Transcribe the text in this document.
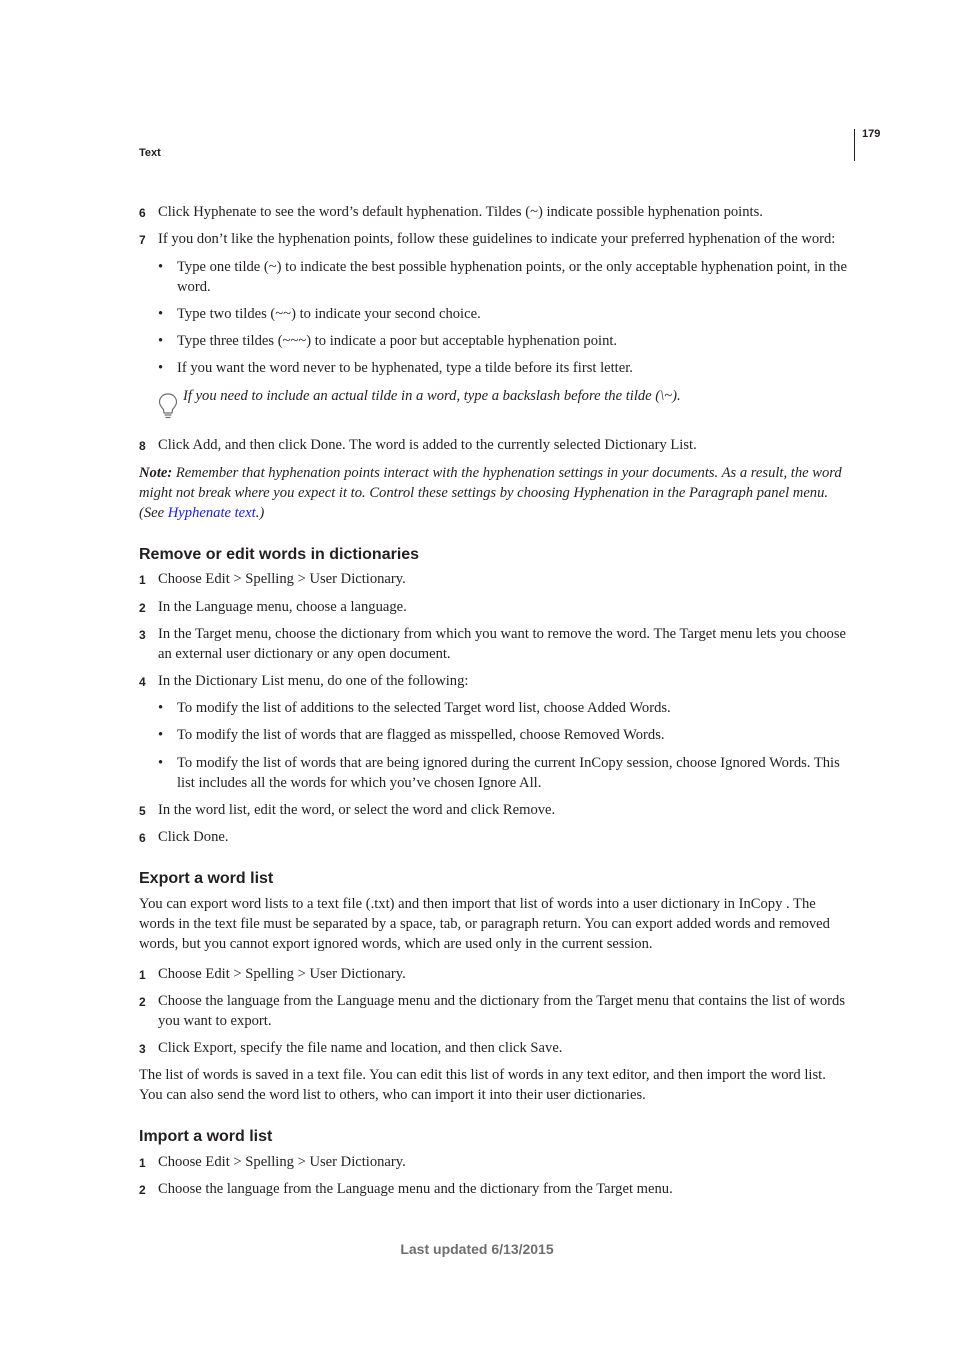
179
Text
6 Click Hyphenate to see the word’s default hyphenation. Tildes (~) indicate possible hyphenation points.
7 If you don’t like the hyphenation points, follow these guidelines to indicate your preferred hyphenation of the word:
• Type one tilde (~) to indicate the best possible hyphenation points, or the only acceptable hyphenation point, in the word.
• Type two tildes (~~) to indicate your second choice.
• Type three tildes (~~~) to indicate a poor but acceptable hyphenation point.
• If you want the word never to be hyphenated, type a tilde before its first letter.
If you need to include an actual tilde in a word, type a backslash before the tilde (\~).
8 Click Add, and then click Done. The word is added to the currently selected Dictionary List.
Note: Remember that hyphenation points interact with the hyphenation settings in your documents. As a result, the word might not break where you expect it to. Control these settings by choosing Hyphenation in the Paragraph panel menu. (See Hyphenate text.)
Remove or edit words in dictionaries
1 Choose Edit > Spelling > User Dictionary.
2 In the Language menu, choose a language.
3 In the Target menu, choose the dictionary from which you want to remove the word. The Target menu lets you choose an external user dictionary or any open document.
4 In the Dictionary List menu, do one of the following:
• To modify the list of additions to the selected Target word list, choose Added Words.
• To modify the list of words that are flagged as misspelled, choose Removed Words.
• To modify the list of words that are being ignored during the current InCopy session, choose Ignored Words. This list includes all the words for which you’ve chosen Ignore All.
5 In the word list, edit the word, or select the word and click Remove.
6 Click Done.
Export a word list
You can export word lists to a text file (.txt) and then import that list of words into a user dictionary in InCopy . The words in the text file must be separated by a space, tab, or paragraph return. You can export added words and removed words, but you cannot export ignored words, which are used only in the current session.
1 Choose Edit > Spelling > User Dictionary.
2 Choose the language from the Language menu and the dictionary from the Target menu that contains the list of words you want to export.
3 Click Export, specify the file name and location, and then click Save.
The list of words is saved in a text file. You can edit this list of words in any text editor, and then import the word list. You can also send the word list to others, who can import it into their user dictionaries.
Import a word list
1 Choose Edit > Spelling > User Dictionary.
2 Choose the language from the Language menu and the dictionary from the Target menu.
Last updated 6/13/2015
